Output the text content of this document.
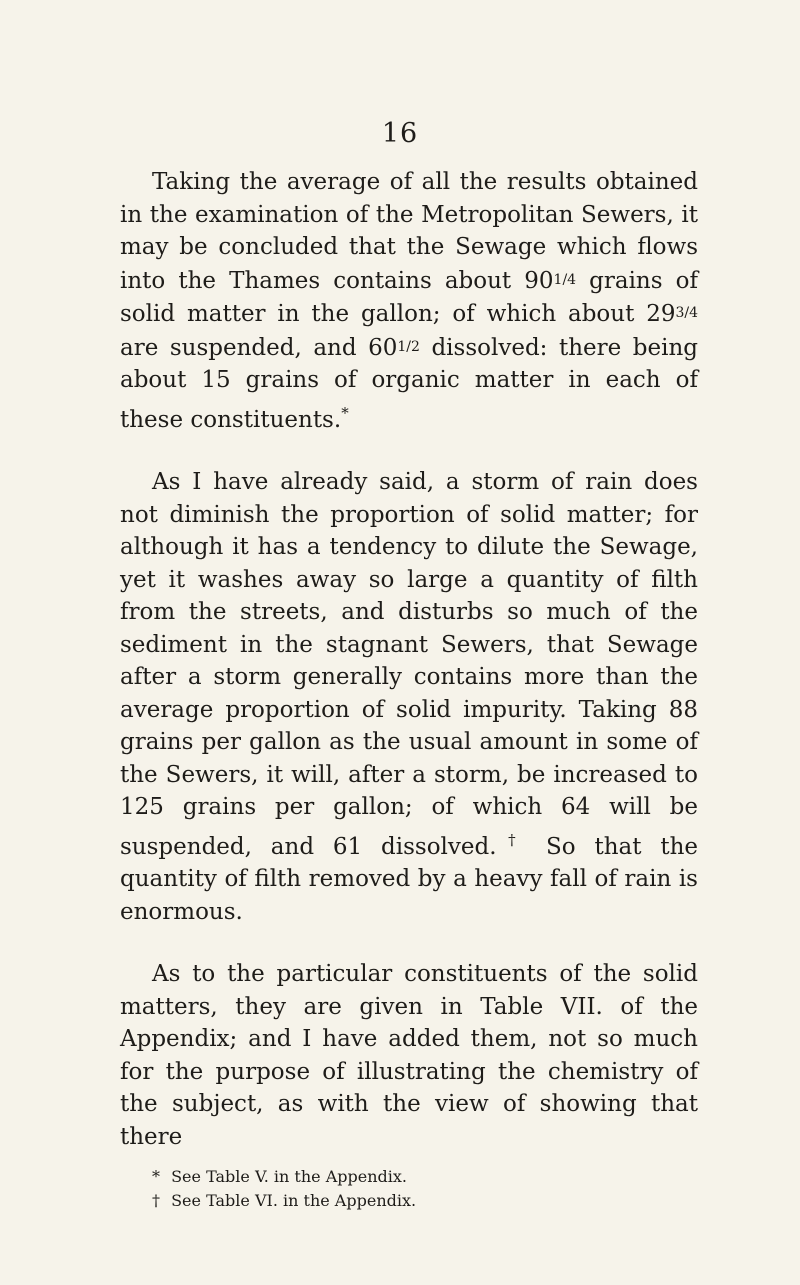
16

Taking the average of all the results obtained in the examination of the Metropolitan Sewers, it may be concluded that the Sewage which flows into the Thames contains about 901/4 grains of solid matter in the gallon; of which about 293/4 are suspended, and 601/2 dissolved: there being about 15 grains of organic matter in each of these constituents.*

As I have already said, a storm of rain does not diminish the proportion of solid matter; for although it has a tendency to dilute the Sewage, yet it washes away so large a quantity of filth from the streets, and disturbs so much of the sediment in the stagnant Sewers, that Sewage after a storm generally contains more than the average proportion of solid impurity. Taking 88 grains per gallon as the usual amount in some of the Sewers, it will, after a storm, be increased to 125 grains per gallon; of which 64 will be suspended, and 61 dissolved.† So that the quantity of filth removed by a heavy fall of rain is enormous.

As to the particular constituents of the solid matters, they are given in Table VII. of the Appendix; and I have added them, not so much for the purpose of illustrating the chemistry of the subject, as with the view of showing that there

* See Table V. in the Appendix.

† See Table VI. in the Appendix.
